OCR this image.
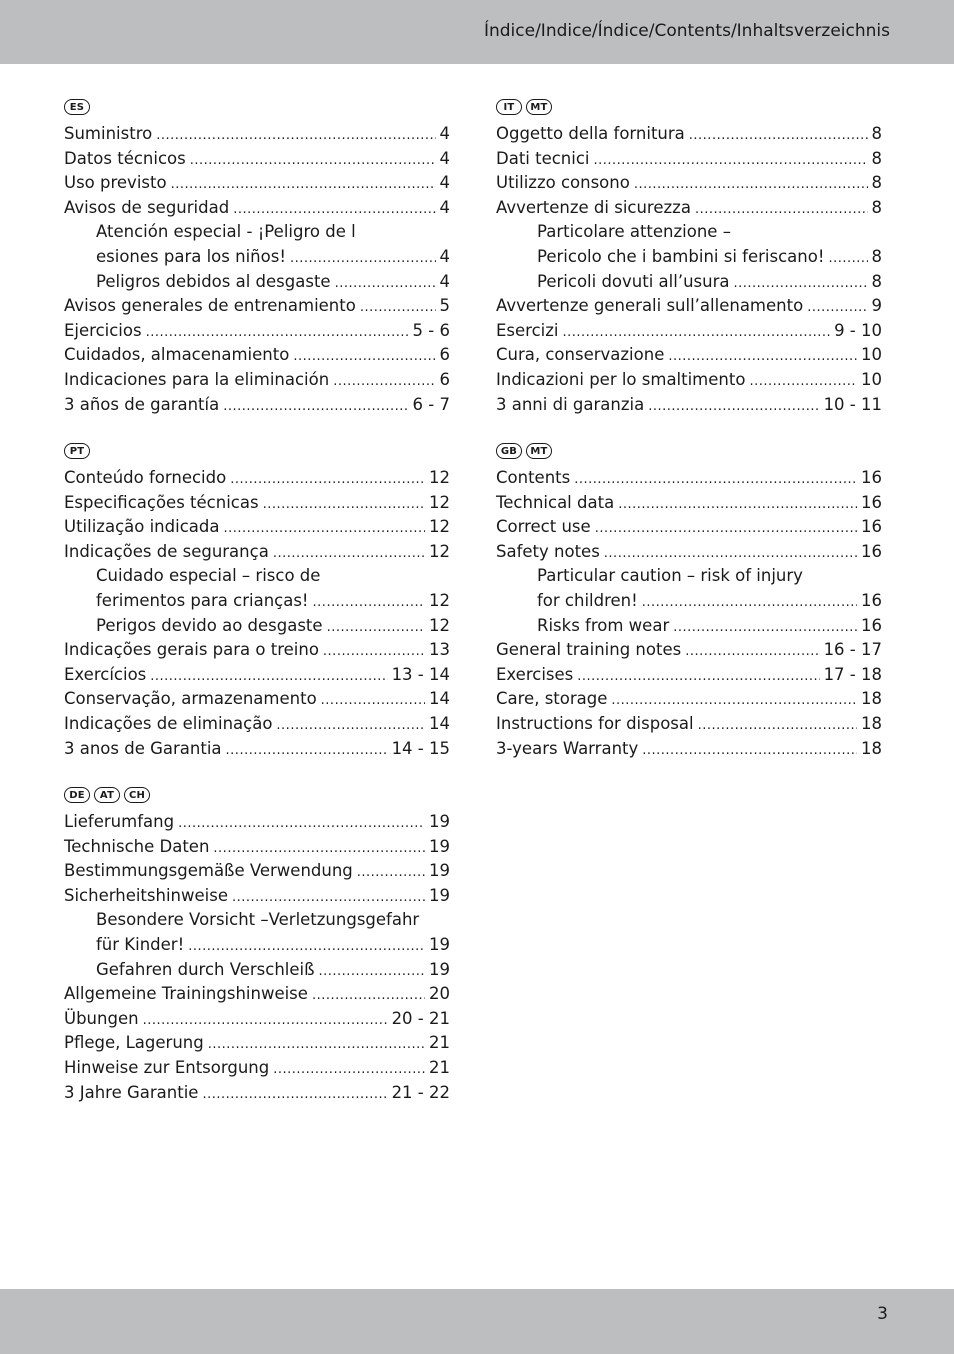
Índice/Indice/Índice/Contents/Inhaltsverzeichnis
ES
Suministro .....	4
Datos técnicos .....	4
Uso previsto .....	4
Avisos de seguridad .....	4
Atención especial - ¡Peligro de l
esiones para los niños! .....	4
Peligros debidos al desgaste .....	4
Avisos generales de entrenamiento .....	5
Ejercicios .....	5 - 6
Cuidados, almacenamiento .....	6
Indicaciones para la eliminación .....	6
3 años de garantía .....	6 - 7
IT	MT
Oggetto della fornitura .....	8
Dati tecnici .....	8
Utilizzo consono .....	8
Avvertenze di sicurezza .....	8
Particolare attenzione –
Pericolo che i bambini si feriscano! .....	8
Pericoli dovuti all’usura .....	8
Avvertenze generali sull’allenamento .....	9
Esercizi .....	9 - 10
Cura, conservazione .....	10
Indicazioni per lo smaltimento .....	10
3 anni di garanzia .....	10 - 11
PT
Conteúdo fornecido .....	12
Especificações técnicas .....	12
Utilização indicada .....	12
Indicações de segurança .....	12
Cuidado especial – risco de
ferimentos para crianças! .....	12
Perigos devido ao desgaste .....	12
Indicações gerais para o treino .....	13
Exercícios .....	13 - 14
Conservação, armazenamento .....	14
Indicações de eliminação .....	14
3 anos de Garantia .....	14 - 15
GB	MT
Contents .....	16
Technical data .....	16
Correct use .....	16
Safety notes .....	16
Particular caution – risk of injury
for children! .....	16
Risks from wear .....	16
General training notes .....	16 - 17
Exercises .....	17 - 18
Care, storage .....	18
Instructions for disposal .....	18
3-years Warranty .....	18
DE	AT	CH
Lieferumfang .....	19
Technische Daten .....	19
Bestimmungsgemäße Verwendung .....	19
Sicherheitshinweise .....	19
Besondere Vorsicht –Verletzungsgefahr
für Kinder! .....	19
Gefahren durch Verschleiß .....	19
Allgemeine Trainingshinweise .....	20
Übungen .....	20 - 21
Pflege, Lagerung .....	21
Hinweise zur Entsorgung .....	21
3 Jahre Garantie .....	21 - 22
3
